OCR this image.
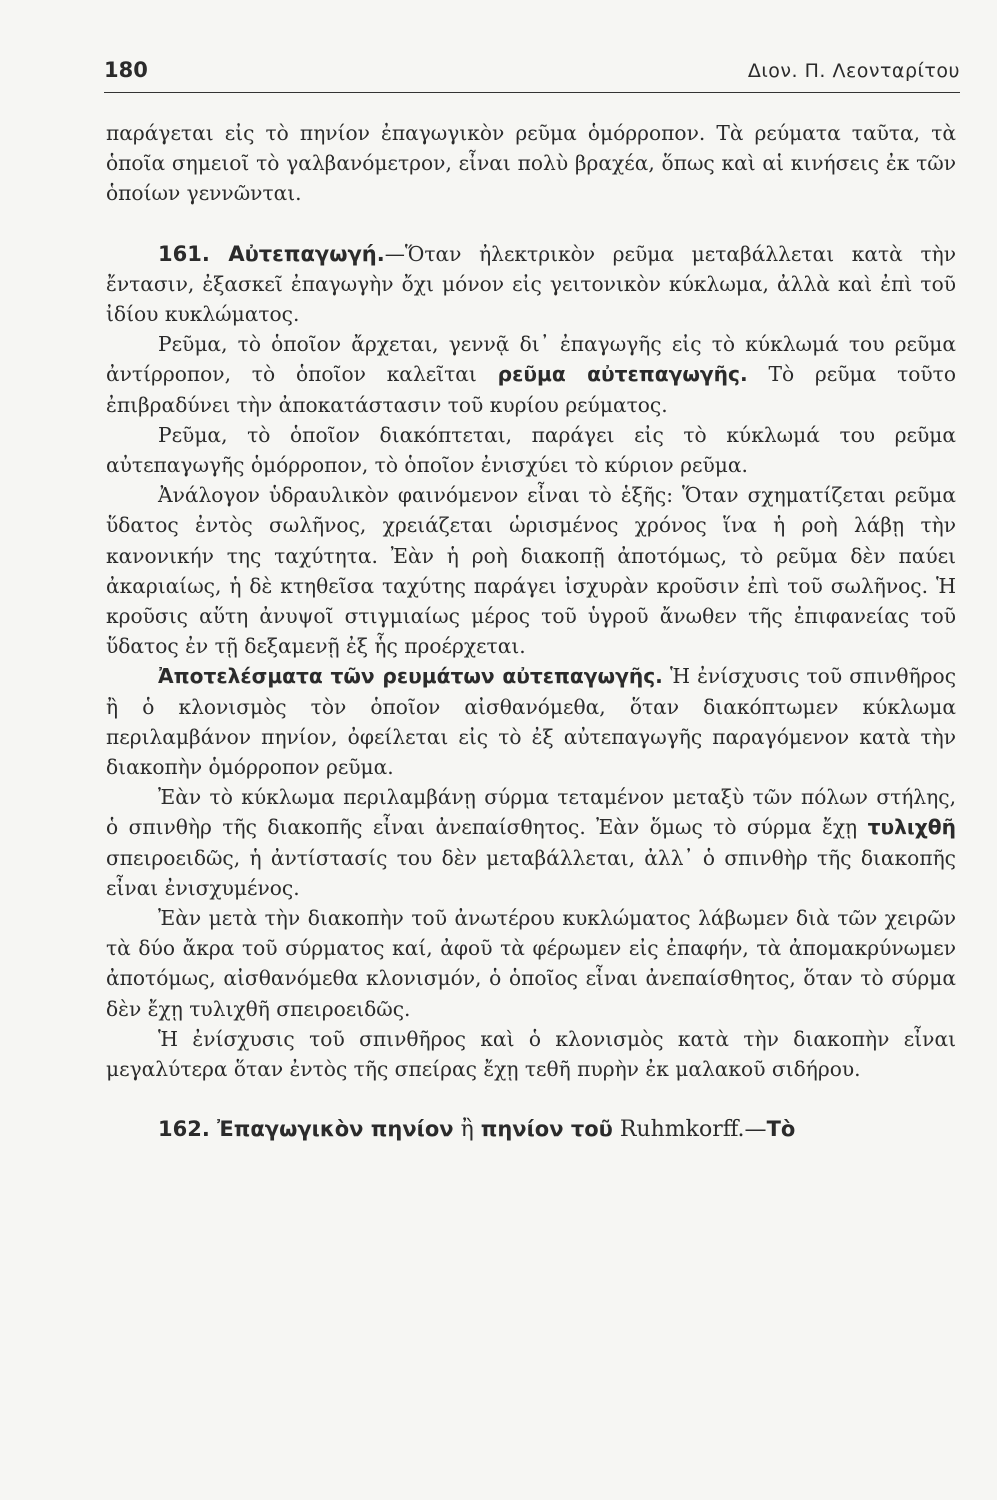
180	Διον. Π. Λεονταρίτου

παράγεται εἰς τὸ πηνίον ἐπαγωγικὸν ρεῦμα ὁμόρροπον. Τὰ ρεύματα ταῦτα, τὰ ὁποῖα σημειοῖ τὸ γαλβανόμετρον, εἶναι πολὺ βραχέα, ὅπως καὶ αἱ κινήσεις ἐκ τῶν ὁποίων γεννῶνται.

161. Αὐτεπαγωγή.—Ὅταν ἠλεκτρικὸν ρεῦμα μεταβάλλεται κατὰ τὴν ἔντασιν, ἐξασκεῖ ἐπαγωγὴν ὄχι μόνον εἰς γειτονικὸν κύκλωμα, ἀλλὰ καὶ ἐπὶ τοῦ ἰδίου κυκλώματος.

Ρεῦμα, τὸ ὁποῖον ἄρχεται, γεννᾷ δι᾽ ἐπαγωγῆς εἰς τὸ κύκλωμά του ρεῦμα ἀντίρροπον, τὸ ὁποῖον καλεῖται ρεῦμα αὐτεπαγωγῆς. Τὸ ρεῦμα τοῦτο ἐπιβραδύνει τὴν ἀποκατάστασιν τοῦ κυρίου ρεύματος.

Ρεῦμα, τὸ ὁποῖον διακόπτεται, παράγει εἰς τὸ κύκλωμά του ρεῦμα αὐτεπαγωγῆς ὁμόρροπον, τὸ ὁποῖον ἐνισχύει τὸ κύριον ρεῦμα.

Ἀνάλογον ὑδραυλικὸν φαινόμενον εἶναι τὸ ἑξῆς: Ὅταν σχηματίζεται ρεῦμα ὕδατος ἐντὸς σωλῆνος, χρειάζεται ὡρισμένος χρόνος ἵνα ἡ ροὴ λάβῃ τὴν κανονικήν της ταχύτητα. Ἐὰν ἡ ροὴ διακοπῇ ἀποτόμως, τὸ ρεῦμα δὲν παύει ἀκαριαίως, ἡ δὲ κτηθεῖσα ταχύτης παράγει ἰσχυρὰν κροῦσιν ἐπὶ τοῦ σωλῆνος. Ἡ κροῦσις αὕτη ἀνυψοῖ στιγμιαίως μέρος τοῦ ὑγροῦ ἄνωθεν τῆς ἐπιφανείας τοῦ ὕδατος ἐν τῇ δεξαμενῇ ἐξ ἧς προέρχεται.

Ἀποτελέσματα τῶν ρευμάτων αὐτεπαγωγῆς. Ἡ ἐνίσχυσις τοῦ σπινθῆρος ἢ ὁ κλονισμὸς τὸν ὁποῖον αἰσθανόμεθα, ὅταν διακόπτωμεν κύκλωμα περιλαμβάνον πηνίον, ὀφείλεται εἰς τὸ ἐξ αὐτεπαγωγῆς παραγόμενον κατὰ τὴν διακοπὴν ὁμόρροπον ρεῦμα.

Ἐὰν τὸ κύκλωμα περιλαμβάνῃ σύρμα τεταμένον μεταξὺ τῶν πόλων στήλης, ὁ σπινθὴρ τῆς διακοπῆς εἶναι ἀνεπαίσθητος. Ἐὰν ὅμως τὸ σύρμα ἔχῃ τυλιχθῆ σπειροειδῶς, ἡ ἀντίστασίς του δὲν μεταβάλλεται, ἀλλ᾽ ὁ σπινθὴρ τῆς διακοπῆς εἶναι ἐνισχυμένος.

Ἐὰν μετὰ τὴν διακοπὴν τοῦ ἀνωτέρου κυκλώματος λάβωμεν διὰ τῶν χειρῶν τὰ δύο ἄκρα τοῦ σύρματος καί, ἀφοῦ τὰ φέρωμεν εἰς ἐπαφήν, τὰ ἀπομακρύνωμεν ἀποτόμως, αἰσθανόμεθα κλονισμόν, ὁ ὁποῖος εἶναι ἀνεπαίσθητος, ὅταν τὸ σύρμα δὲν ἔχῃ τυλιχθῆ σπειροειδῶς.

Ἡ ἐνίσχυσις τοῦ σπινθῆρος καὶ ὁ κλονισμὸς κατὰ τὴν διακοπὴν εἶναι μεγαλύτερα ὅταν ἐντὸς τῆς σπείρας ἔχῃ τεθῆ πυρὴν ἐκ μαλακοῦ σιδήρου.

162. Ἐπαγωγικὸν πηνίον ἢ πηνίον τοῦ Ruhmkorff.—Τὸ
